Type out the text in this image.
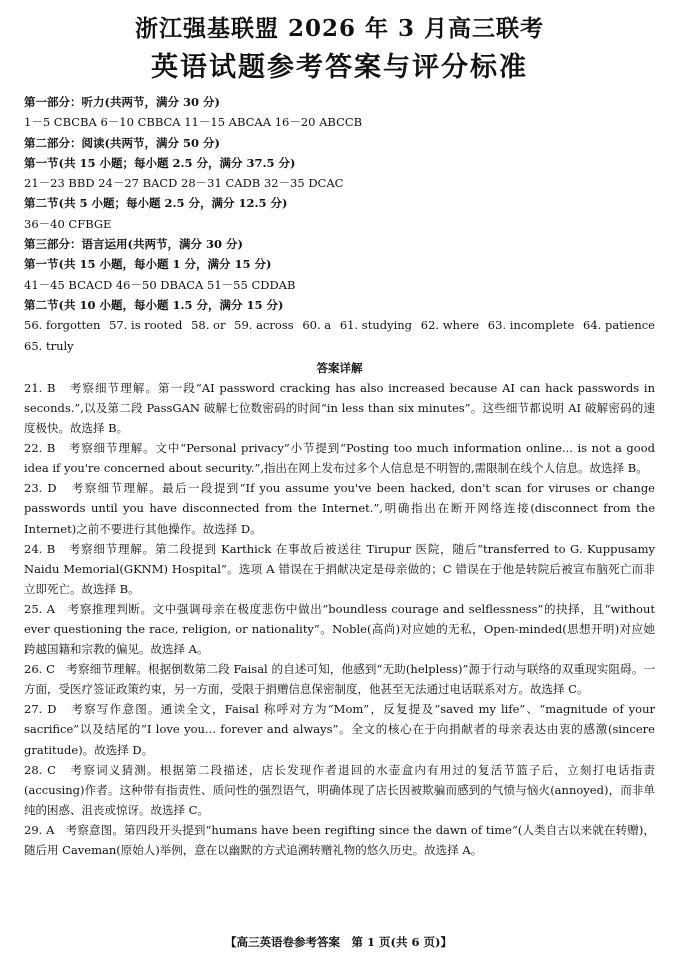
浙江强基联盟 2026 年 3 月高三联考
英语试题参考答案与评分标准
第一部分：听力(共两节，满分 30 分)
1－5 CBCBA 6－10 CBBCA 11－15 ABCAA 16－20 ABCCB
第二部分：阅读(共两节，满分 50 分)
第一节(共 15 小题；每小题 2.5 分，满分 37.5 分)
21－23 BBD 24－27 BACD 28－31 CADB 32－35 DCAC
第二节(共 5 小题；每小题 2.5 分，满分 12.5 分)
36－40 CFBGE
第三部分：语言运用(共两节，满分 30 分)
第一节(共 15 小题，每小题 1 分，满分 15 分)
41－45 BCACD 46－50 DBACA 51－55 CDDAB
第二节(共 10 小题，每小题 1.5 分，满分 15 分)
56. forgotten 57. is rooted 58. or 59. across 60. a 61. studying 62. where 63. incomplete 64. patience
65. truly
答案详解
21. B 考察细节理解。第一段“AI password cracking has also increased because AI can hack passwords in seconds.”,以及第二段 PassGAN 破解七位数密码的时间“in less than six minutes”。这些细节都说明 AI 破解密码的速度极快。故选择 B。
22. B 考察细节理解。文中“Personal privacy”小节提到“Posting too much information online... is not a good idea if you're concerned about security.”,指出在网上发布过多个人信息是不明智的,需限制在线个人信息。故选择 B。
23. D 考察细节理解。最后一段提到“If you assume you've been hacked, don't scan for viruses or change passwords until you have disconnected from the Internet.”,明确指出在断开网络连接(disconnect from the Internet)之前不要进行其他操作。故选择 D。
24. B 考察细节理解。第二段提到 Karthick 在事故后被送往 Tirupur 医院，随后“transferred to G. Kuppusamy Naidu Memorial(GKNM) Hospital”。选项 A 错误在于捐献决定是母亲做的；C 错误在于他是转院后被宣布脑死亡而非立即死亡。故选择 B。
25. A 考察推理判断。文中强调母亲在极度悲伤中做出“boundless courage and selflessness”的抉择，且“without ever questioning the race, religion, or nationality”。Noble(高尚)对应她的无私，Open-minded(思想开明)对应她跨越国籍和宗教的偏见。故选择 A。
26. C 考察细节理解。根据倒数第二段 Faisal 的自述可知，他感到“无助(helpless)”源于行动与联络的双重现实阻碍。一方面，受医疗签证政策约束，另一方面，受限于捐赠信息保密制度，他甚至无法通过电话联系对方。故选择 C。
27. D 考察写作意图。通读全文，Faisal 称呼对方为“Mom”，反复提及“saved my life”、“magnitude of your sacrifice”以及结尾的“I love you... forever and always”。全文的核心在于向捐献者的母亲表达由衷的感激(sincere gratitude)。故选择 D。
28. C 考察词义猜测。根据第二段描述，店长发现作者退回的水壶盒内有用过的复活节篮子后，立刻打电话指责(accusing)作者。这种带有指责性、质问性的强烈语气，明确体现了店长因被欺骗而感到的气愤与恼火(annoyed)，而非单纯的困惑、沮丧或惊讶。故选择 C。
29. A 考察意图。第四段开头提到“humans have been regifting since the dawn of time”(人类自古以来就在转赠)，随后用 Caveman(原始人)举例，意在以幽默的方式追溯转赠礼物的悠久历史。故选择 A。
【高三英语卷参考答案　第 1 页(共 6 页)】
